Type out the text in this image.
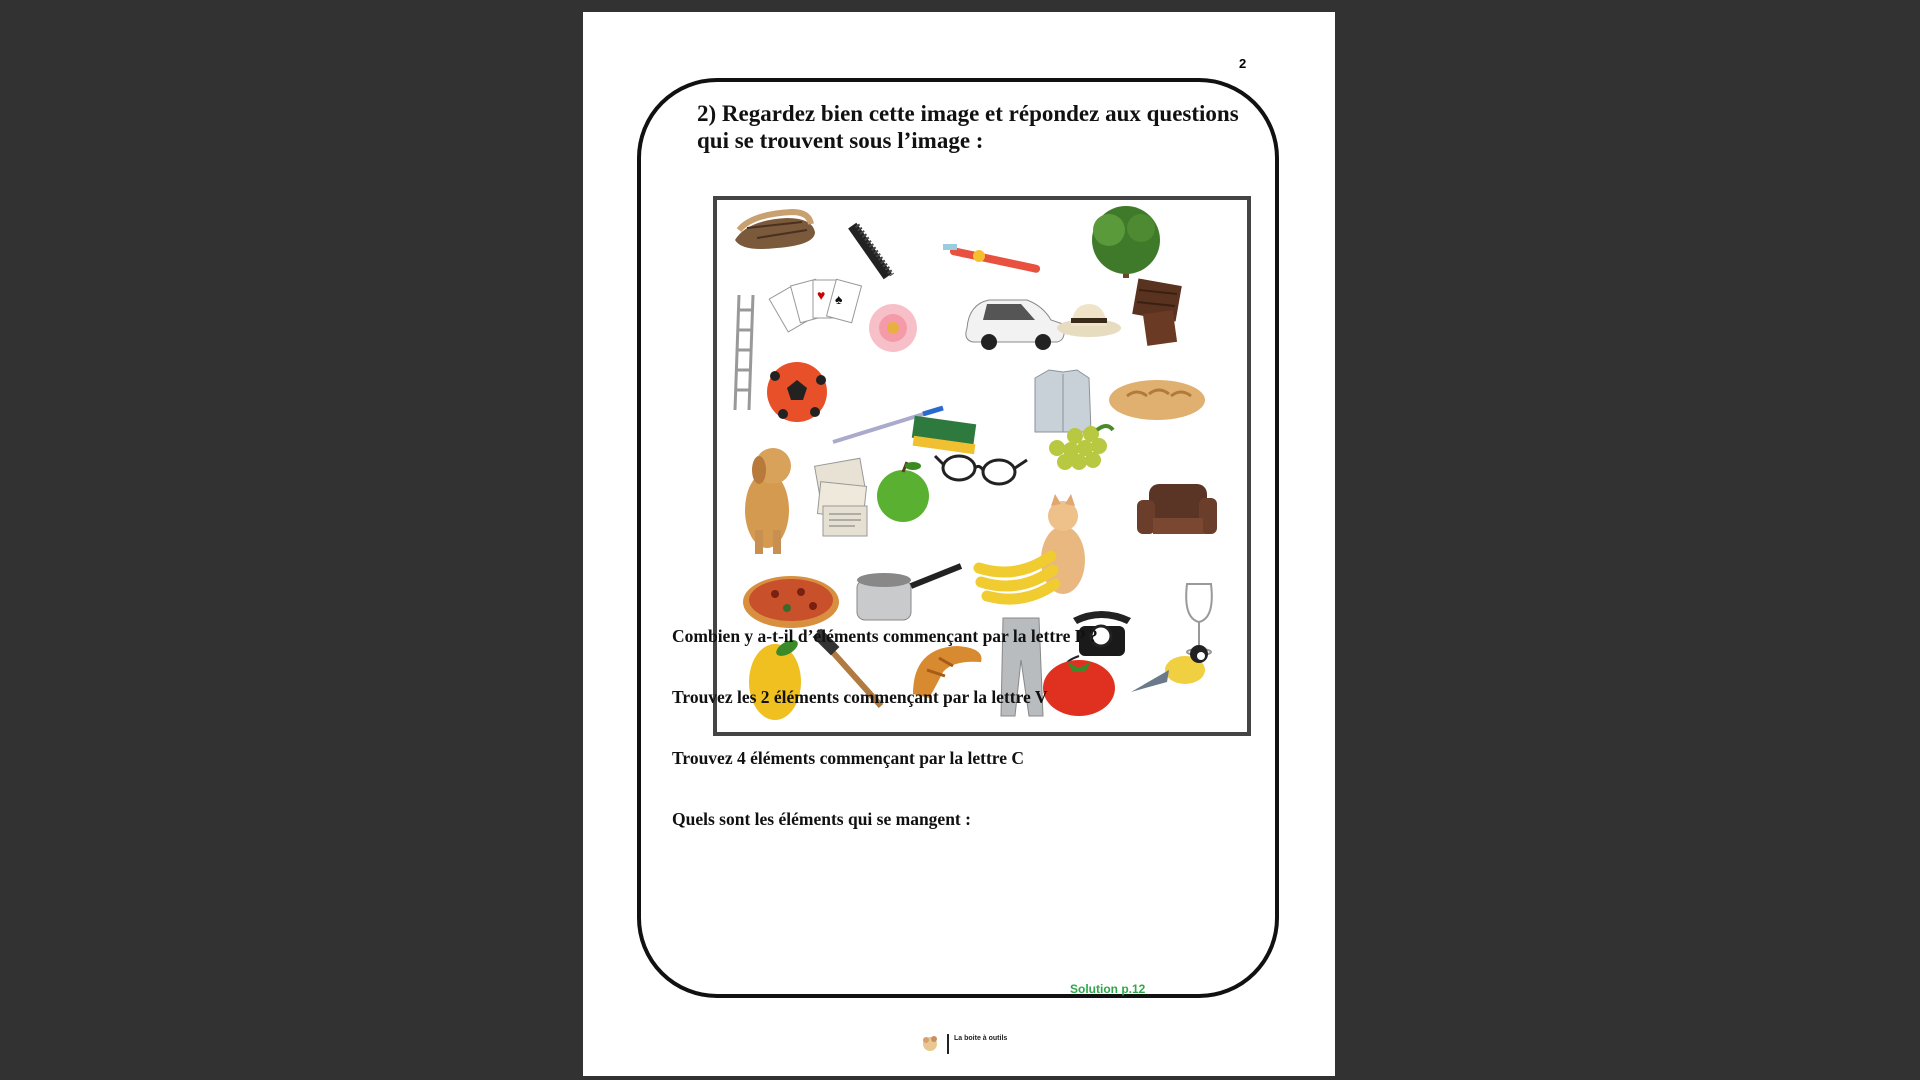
2
2) Regardez bien cette image et répondez aux questions
qui se trouvent sous l’image :
♥ ♠
Combien y a-t-il d’éléments commençant par la lettre P ?
Trouvez les 2 éléments commençant par la lettre V
Trouvez 4 éléments commençant par la lettre C
Quels sont les éléments qui se mangent :
Solution p.12
La boite à outils
